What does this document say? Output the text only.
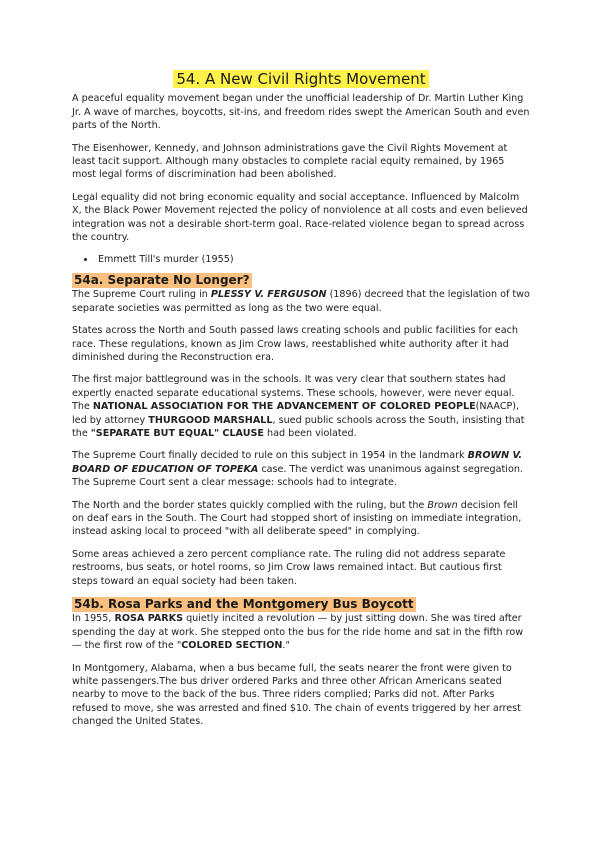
54. A New Civil Rights Movement

A peaceful equality movement began under the unofficial leadership of Dr. Martin Luther King Jr. A wave of marches, boycotts, sit-ins, and freedom rides swept the American South and even parts of the North.

The Eisenhower, Kennedy, and Johnson administrations gave the Civil Rights Movement at least tacit support. Although many obstacles to complete racial equity remained, by 1965 most legal forms of discrimination had been abolished.

Legal equality did not bring economic equality and social acceptance. Influenced by Malcolm X, the Black Power Movement rejected the policy of nonviolence at all costs and even believed integration was not a desirable short-term goal. Race-related violence began to spread across the country.

• Emmett Till's murder (1955)
54a. Separate No Longer?

The Supreme Court ruling in PLESSY V. FERGUSON (1896) decreed that the legislation of two separate societies was permitted as long as the two were equal.

States across the North and South passed laws creating schools and public facilities for each race. These regulations, known as Jim Crow laws, reestablished white authority after it had diminished during the Reconstruction era.

The first major battleground was in the schools. It was very clear that southern states had expertly enacted separate educational systems. These schools, however, were never equal. The NATIONAL ASSOCIATION FOR THE ADVANCEMENT OF COLORED PEOPLE(NAACP), led by attorney THURGOOD MARSHALL, sued public schools across the South, insisting that the "SEPARATE BUT EQUAL" CLAUSE had been violated.

The Supreme Court finally decided to rule on this subject in 1954 in the landmark BROWN V. BOARD OF EDUCATION OF TOPEKA case. The verdict was unanimous against segregation. The Supreme Court sent a clear message: schools had to integrate.

The North and the border states quickly complied with the ruling, but the Brown decision fell on deaf ears in the South. The Court had stopped short of insisting on immediate integration, instead asking local to proceed "with all deliberate speed" in complying.

Some areas achieved a zero percent compliance rate. The ruling did not address separate restrooms, bus seats, or hotel rooms, so Jim Crow laws remained intact. But cautious first steps toward an equal society had been taken.

54b. Rosa Parks and the Montgomery Bus Boycott

In 1955, ROSA PARKS quietly incited a revolution — by just sitting down. She was tired after spending the day at work. She stepped onto the bus for the ride home and sat in the fifth row — the first row of the "COLORED SECTION."

In Montgomery, Alabama, when a bus became full, the seats nearer the front were given to white passengers.The bus driver ordered Parks and three other African Americans seated nearby to move to the back of the bus. Three riders complied; Parks did not. After Parks refused to move, she was arrested and fined $10. The chain of events triggered by her arrest changed the United States.
